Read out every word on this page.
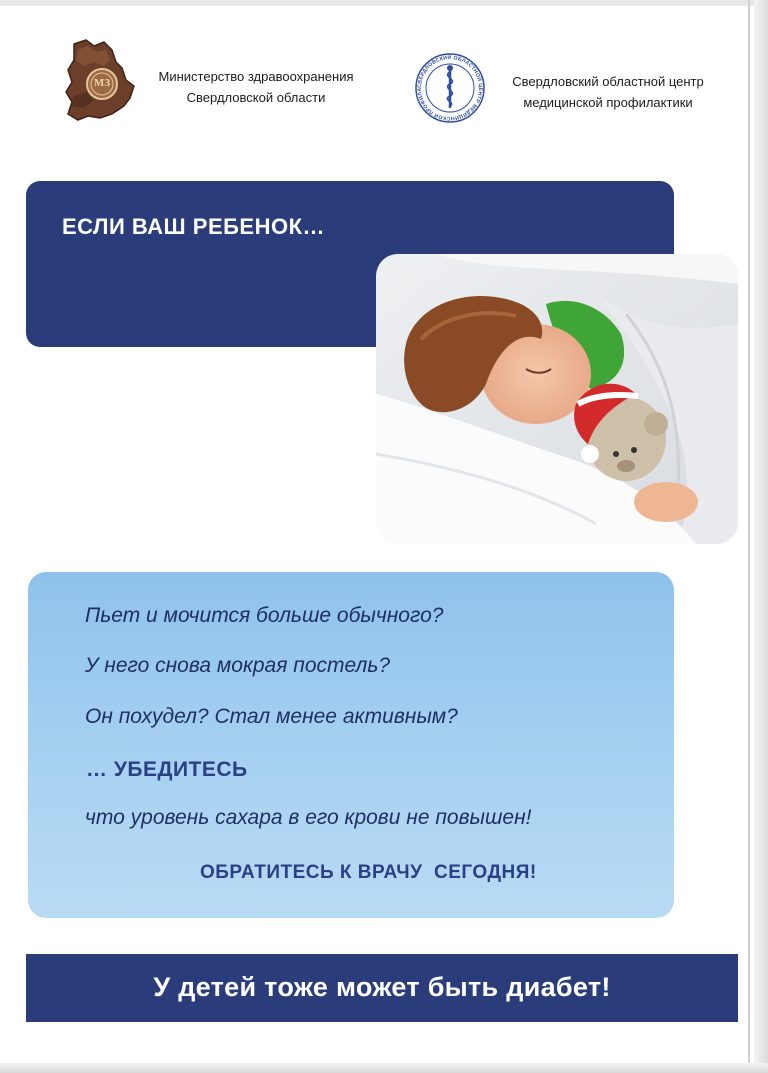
МЗ	Министерство здравоохранения
Свердловской области
СВЕРДЛОВСКИЙ ОБЛАСТНОЙ ЦЕНТР МЕДИЦИНСКОЙ ПРОФИЛА
Свердловский областной центр
медицинской профилактики
ЕСЛИ ВАШ РЕБЕНОК…
Пьет и мочится больше обычного?
У него снова мокрая постель?
Он похудел? Стал менее активным?
… УБЕДИТЕСЬ
что уровень сахара в его крови не повышен!
ОБРАТИТЕСЬ К ВРАЧУ  СЕГОДНЯ!
У детей тоже может быть диабет!
